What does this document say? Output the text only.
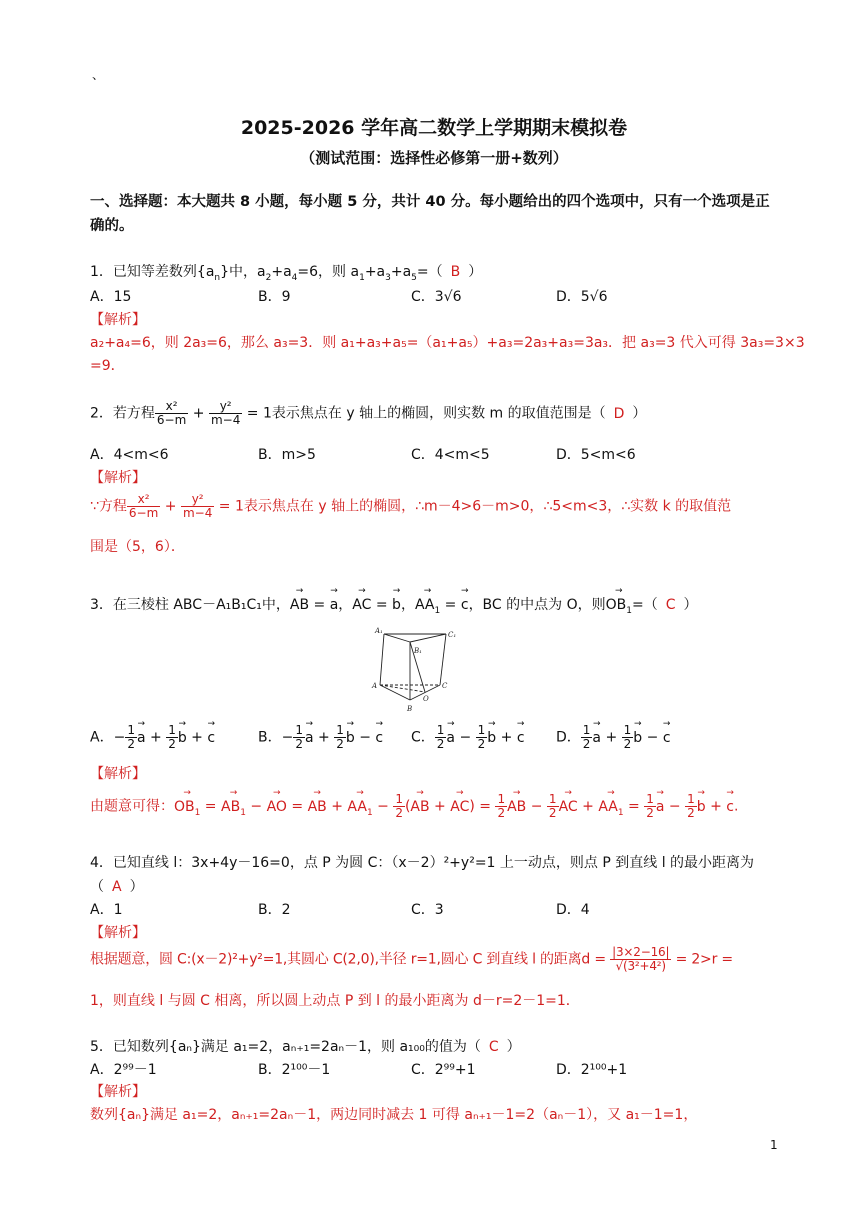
、
2025-2026 学年高二数学上学期期末模拟卷
（测试范围：选择性必修第一册+数列）
一、选择题：本大题共 8 小题，每小题 5 分，共计 40 分。每小题给出的四个选项中，只有一个选项是正确的。
1．已知等差数列$\{a_n\}$中，$a_2+a_4=6$，则 $a_1+a_3+a_5=$（ B ）
A．15	B．9	C．3√6	D．5√6
【解析】
a₂+a₄=6，则 2a₃=6，那么 a₃=3．则 a₁+a₃+a₅=（a₁+a₅）+a₃=2a₃+a₃=3a₃．把 a₃=3 代入可得 3a₃=3×3
=9．
2．若方程 $\frac{\text{x²}}{6-m} + \frac{\text{y²}}{m-4} = 1$表示焦点在 y 轴上的椭圆，则实数 m 的取值范围是（ D ）
A．4<m<6	B．m>5	C．4<m<5	D．5<m<6
【解析】
∵方程 $\frac{\text{x²}}{6-m} + \frac{\text{y²}}{m-4} = 1$表示焦点在 y 轴上的椭圆，∴m－4>6－m>0，∴5<m<3，∴实数 k 的取值范
围是（5，6）．
3．在三棱柱 ABC－A₁B₁C₁中，→ AB = → a，→ AC = → b，→ $AA_1$ = → c，BC 的中点为 O，则→ $OB_1=$（ C ）
A₁	C₁
B₁
A	C
O
B
A．− $\frac{1}{2}$
→ $a + \frac{1}{2}$
→ b + → c	B．− $\frac{1}{2}$
→ $a + \frac{1}{2}$
→ b − → c C． $\frac{1}{2}$
→ $a - \frac{1}{2}$
→ b + → c D． $\frac{1}{2}$
→ $a + \frac{1}{2}$
→ b − → c
【解析】
由题意可得：→ $OB_1$ = → $AB_1$ − → AO = → AB + → $AA_1 - \frac{1}{2}$ (→ AB + → $AC) = \frac{1}{2}$
→ AB − $\frac{1}{2}$
→ AC + → $AA_1 = \frac{1}{2}$
→ $a - \frac{1}{2}$
→ b + → c.
4．已知直线 l：3x+4y－16=0，点 P 为圆 C：（x－2）²+y²=1 上一动点，则点 P 到直线 l 的最小距离为
（ A ）
A．1	B．2	C．3	D．4
【解析】
根据题意，圆 C:(x－2)²+y²=1,其圆心 C(2,0),半径 r=1,圆心 C 到直线 l 的距离$d = \frac{|3\times 2-16|}{\text{√(3²+4²)}} = 2>r$ =
1，则直线 l 与圆 C 相离，所以圆上动点 P 到 l 的最小距离为 d－r=2－1=1．
5．已知数列{aₙ}满足 a₁=2，aₙ₊₁=2aₙ－1，则 a₁₀₀的值为（ C ）
A．2⁹⁹－1	B．2¹⁰⁰－1	C．2⁹⁹+1	D．2¹⁰⁰+1
【解析】
数列{aₙ}满足 a₁=2，aₙ₊₁=2aₙ－1，两边同时减去 1 可得 aₙ₊₁－1=2（aₙ－1），又 a₁－1=1，
1
